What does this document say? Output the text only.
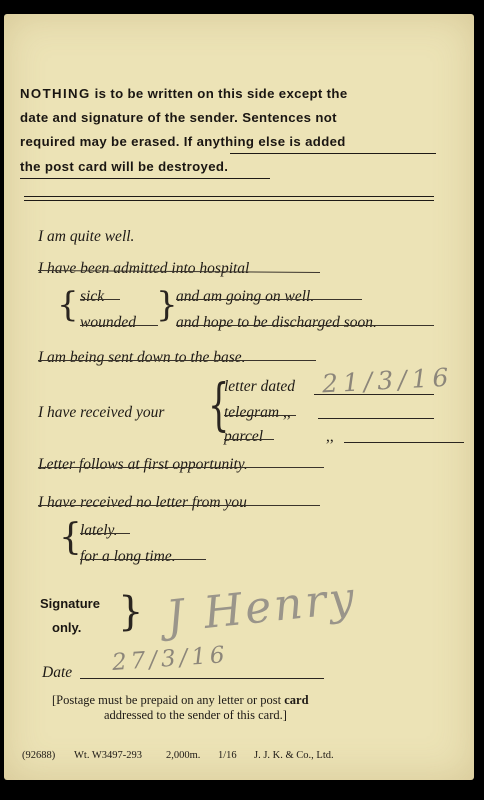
NOTHING is to be written on this side except the
date and signature of the sender. Sentences not
required may be erased. If anything else is added
the post card will be destroyed.
I am quite well.
I have been admitted into hospital
{ sick
wounded }
and am going on well.
and hope to be discharged soon.
I am being sent down to the base.
I have received your {
letter dated 21/3/16
telegram ,,
parcel	,,
Letter follows at first opportunity.
I have received no letter from you
{
lately.
for a long time.
Signature
only. } J Henry
Date 27/3/16
[Postage must be prepaid on any letter or post card
addressed to the sender of this card.]
(92688) Wt. W3497-293 2,000m. 1/16 J. J. K. & Co., Ltd.
